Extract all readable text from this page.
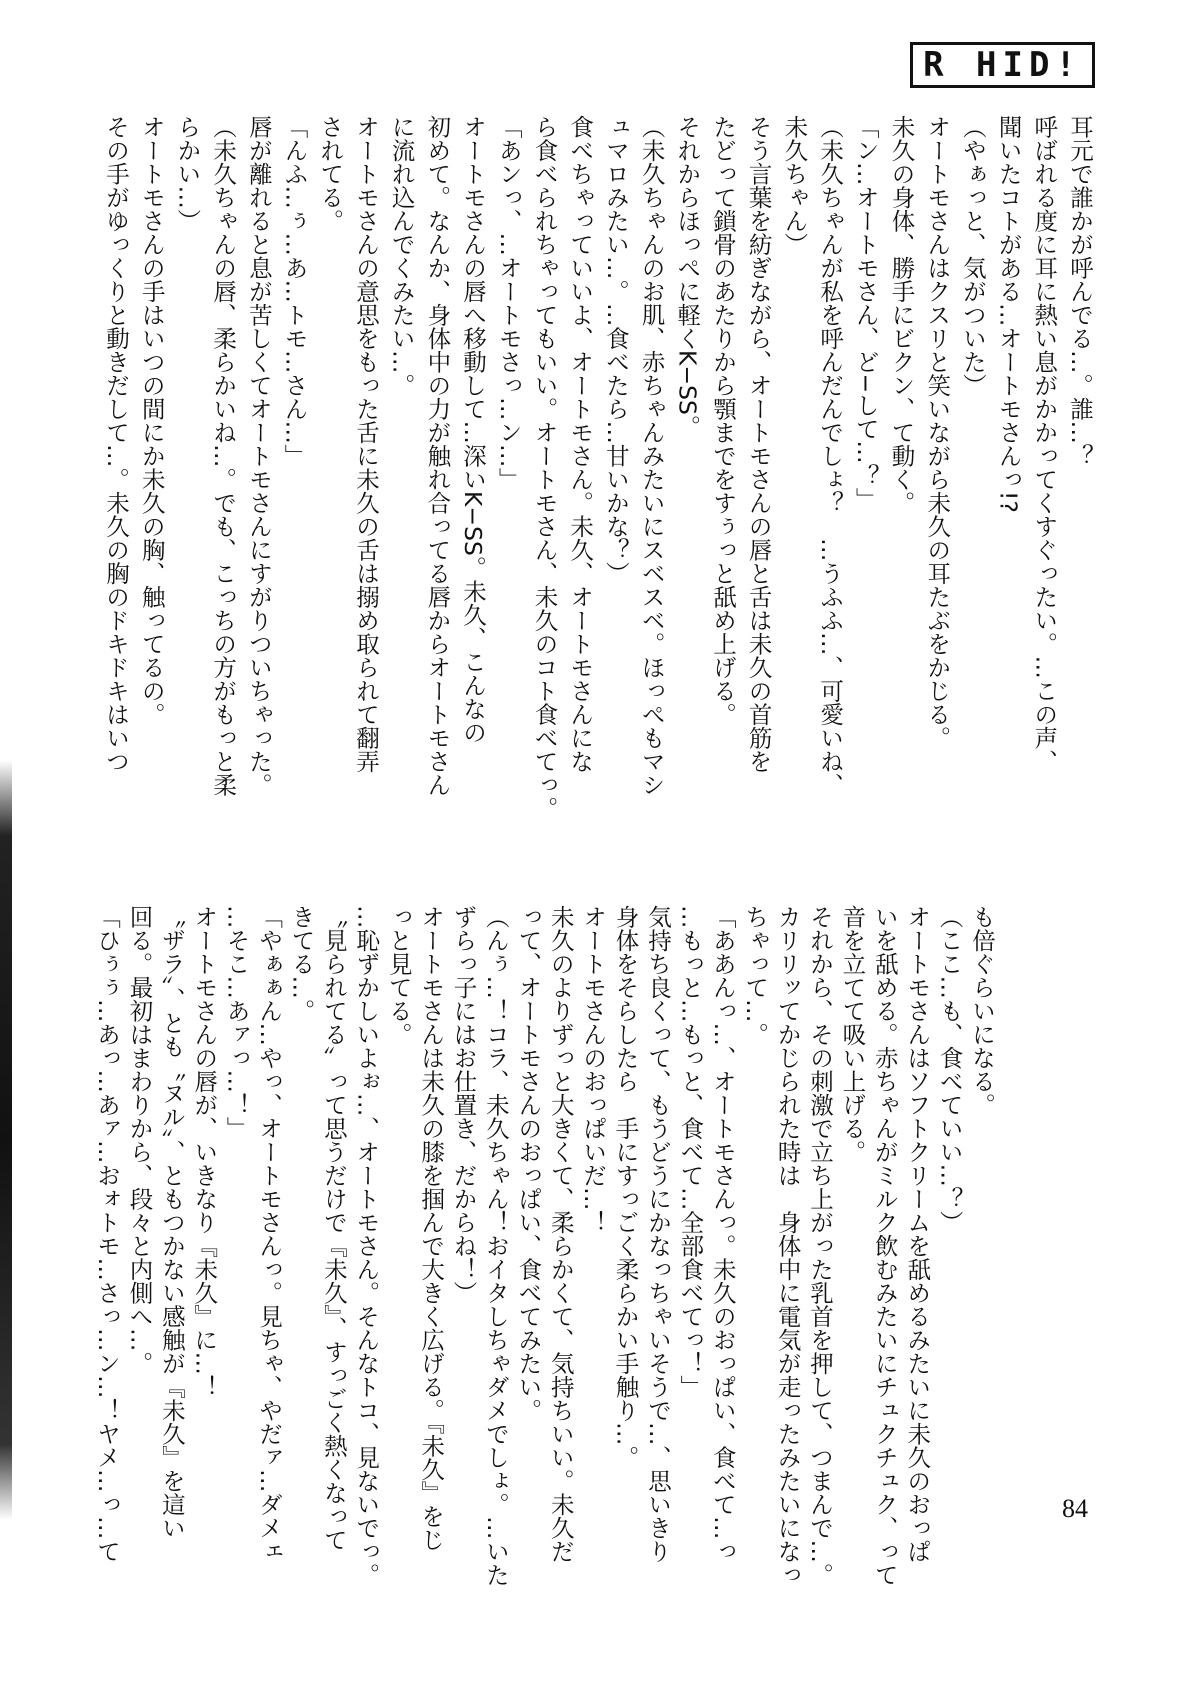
R HID!
耳元で誰かが呼んでる…。誰…？
呼ばれる度に耳に熱い息がかかってくすぐったい。…この声、
聞いたコトがある…オートモさんっ!?
（やぁっと、気がついた）
オートモさんはクスリと笑いながら未久の耳たぶをかじる。
未久の身体、勝手にビクン、て動く。
「ン…オートモさん、ど−して…？」
（未久ちゃんが私を呼んだんでしょ？　…うふふ…、可愛いね、
未久ちゃん）
そう言葉を紡ぎながら、オートモさんの唇と舌は未久の首筋を
たどって鎖骨のあたりから顎までをすぅっと舐め上げる。
それからほっぺに軽くK−SS。
（未久ちゃんのお肌、赤ちゃんみたいにスベスベ。ほっぺもマシ
ュマロみたい…。…食べたら…甘いかな？）
食べちゃっていいよ、オートモさん。未久、オートモさんにな
ら食べられちゃってもいい。オートモさん、未久のコト食べてっ。
「あンっ、…オートモさっ…ン…」
オートモさんの唇へ移動して…深いK−SS。未久、こんなの
初めて。なんか、身体中の力が触れ合ってる唇からオートモさん
に流れ込んでくみたい…。
オートモさんの意思をもった舌に未久の舌は搦め取られて翻弄
されてる。
「んふ…ぅ…あ…トモ…さん…」
唇が離れると息が苦しくてオートモさんにすがりついちゃった。
（未久ちゃんの唇、柔らかいね…。でも、こっちの方がもっと柔
らかい…）
オートモさんの手はいつの間にか未久の胸、触ってるの。
その手がゆっくりと動きだして…。未久の胸のドキドキはいつ
も倍ぐらいになる。
（ここ…も、食べていい…？）
オートモさんはソフトクリームを舐めるみたいに未久のおっぱ
いを舐める。赤ちゃんがミルク飲むみたいにチュクチュク、って
音を立てて吸い上げる。
それから、その刺激で立ち上がった乳首を押して、つまんで…。
カリリッてかじられた時は　身体中に電気が走ったみたいになっ
ちゃって…。
「ああんっ…、オートモさんっ。未久のおっぱい、食べて…っ
…もっと…もっと、食べて…全部食べてっ！」
気持ち良くって、もうどうにかなっちゃいそうで…、思いきり
身体をそらしたら　手にすっごく柔らかい手触り…。
オートモさんのおっぱいだ…！
未久のよりずっと大きくて、柔らかくて、気持ちいい。未久だ
って、オートモさんのおっぱい、食べてみたい。
（んぅ…！コラ、未久ちゃん！おイタしちゃダメでしょ。…いた
ずらっ子にはお仕置き、だからね！）
オートモさんは未久の膝を掴んで大きく広げる。『未久』をじ
っと見てる。
…恥ずかしいよぉ…、オートモさん。そんなトコ、見ないでっ。
〝見られてる〟って思うだけで『未久』、すっごく熱くなって
きてる…。
「やぁぁん…やっ、オートモさんっ。見ちゃ、やだァ…ダメェ
…そこ…あァっ…！」
オートモさんの唇が、いきなり『未久』に…！
〝ザラ〟、とも〝ヌル〟、ともつかない感触が『未久』を這い
回る。最初はまわりから、段々と内側へ…。
「ひぅぅ…あっ…あァ…おォトモ…さっ…ン…！ヤメ…っ…て	84
